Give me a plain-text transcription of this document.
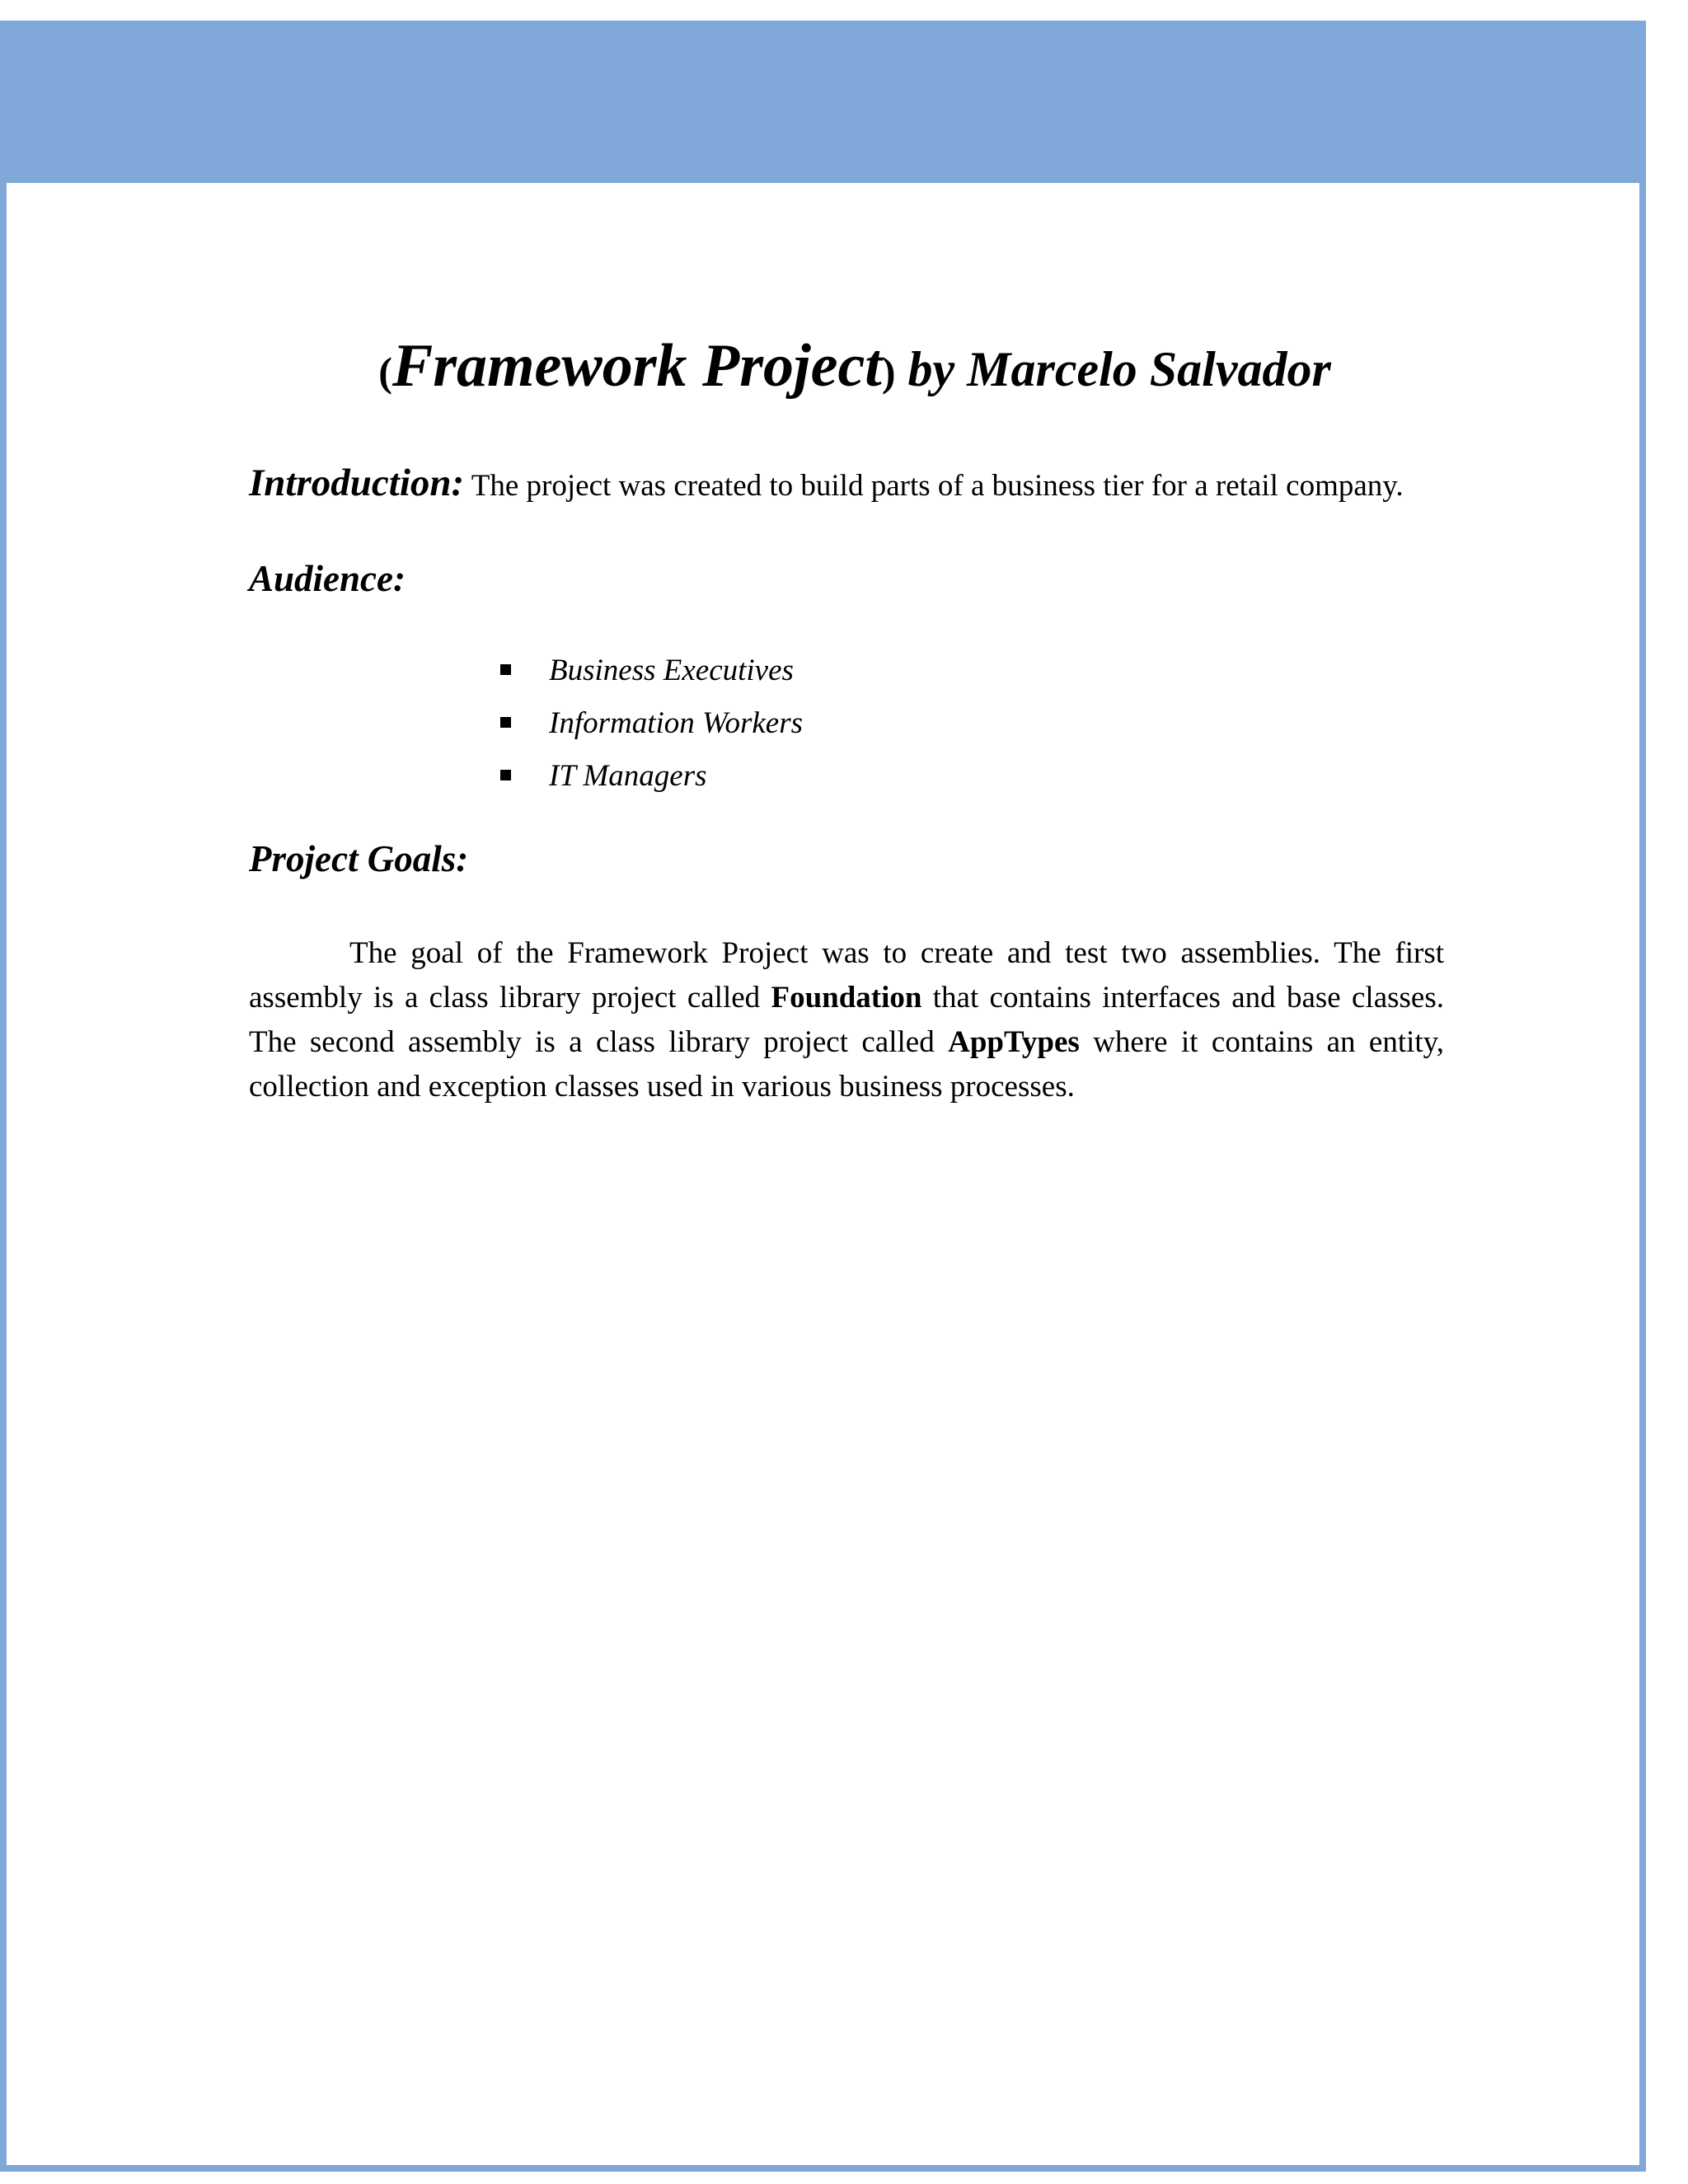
(Framework Project) by Marcelo Salvador

Introduction: The project was created to build parts of a business tier for a retail company.

Audience:
Business Executives
Information Workers
IT Managers
Project Goals:

The goal of the Framework Project was to create and test two assemblies. The first assembly is a class library project called Foundation that contains interfaces and base classes. The second assembly is a class library project called AppTypes where it contains an entity, collection and exception classes used in various business processes.
